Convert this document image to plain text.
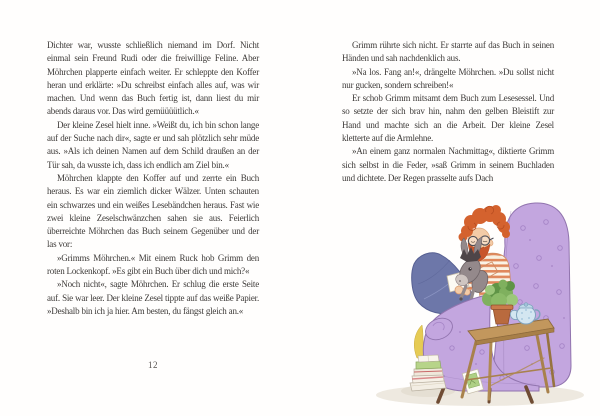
Dichter war, wusste schließlich niemand im Dorf. Nicht einmal sein Freund Rudi oder die freiwillige Feline. Aber Möhrchen plapperte einfach weiter. Er schleppte den Koffer heran und erklärte: »Du schreibst einfach alles auf, was wir machen. Und wenn das Buch fertig ist, dann liest du mir abends daraus vor. Das wird gemüüüütlich.«

Der kleine Zesel hielt inne. »Weißt du, ich bin schon lange auf der Suche nach dir«, sagte er und sah plötzlich sehr müde aus. »Als ich deinen Namen auf dem Schild draußen an der Tür sah, da wusste ich, dass ich endlich am Ziel bin.«

Möhrchen klappte den Koffer auf und zerrte ein Buch heraus. Es war ein ziemlich dicker Wälzer. Unten schauten ein schwarzes und ein weißes Lesebändchen heraus. Fast wie zwei kleine Zeselschwänzchen sahen sie aus. Feierlich überreichte Möhrchen das Buch seinem Gegenüber und der las vor:

»Grimms Möhrchen.« Mit einem Ruck hob Grimm den roten Lockenkopf. »Es gibt ein Buch über dich und mich?«

»Noch nicht«, sagte Möhrchen. Er schlug die erste Seite auf. Sie war leer. Der kleine Zesel tippte auf das weiße Papier. »Deshalb bin ich ja hier. Am besten, du fängst gleich an.«

12

Grimm rührte sich nicht. Er starrte auf das Buch in seinen Händen und sah nachdenklich aus.

»Na los. Fang an!«, drängelte Möhrchen. »Du sollst nicht nur gucken, sondern schreiben!«

Er schob Grimm mitsamt dem Buch zum Lesesessel. Und so setzte der sich brav hin, nahm den gelben Bleistift zur Hand und machte sich an die Arbeit. Der kleine Zesel kletterte auf die Armlehne.

»An einem ganz normalen Nachmittag«, diktierte Grimm sich selbst in die Feder, »saß Grimm in seinem Buchladen und dichtete. Der Regen prasselte aufs Dach
